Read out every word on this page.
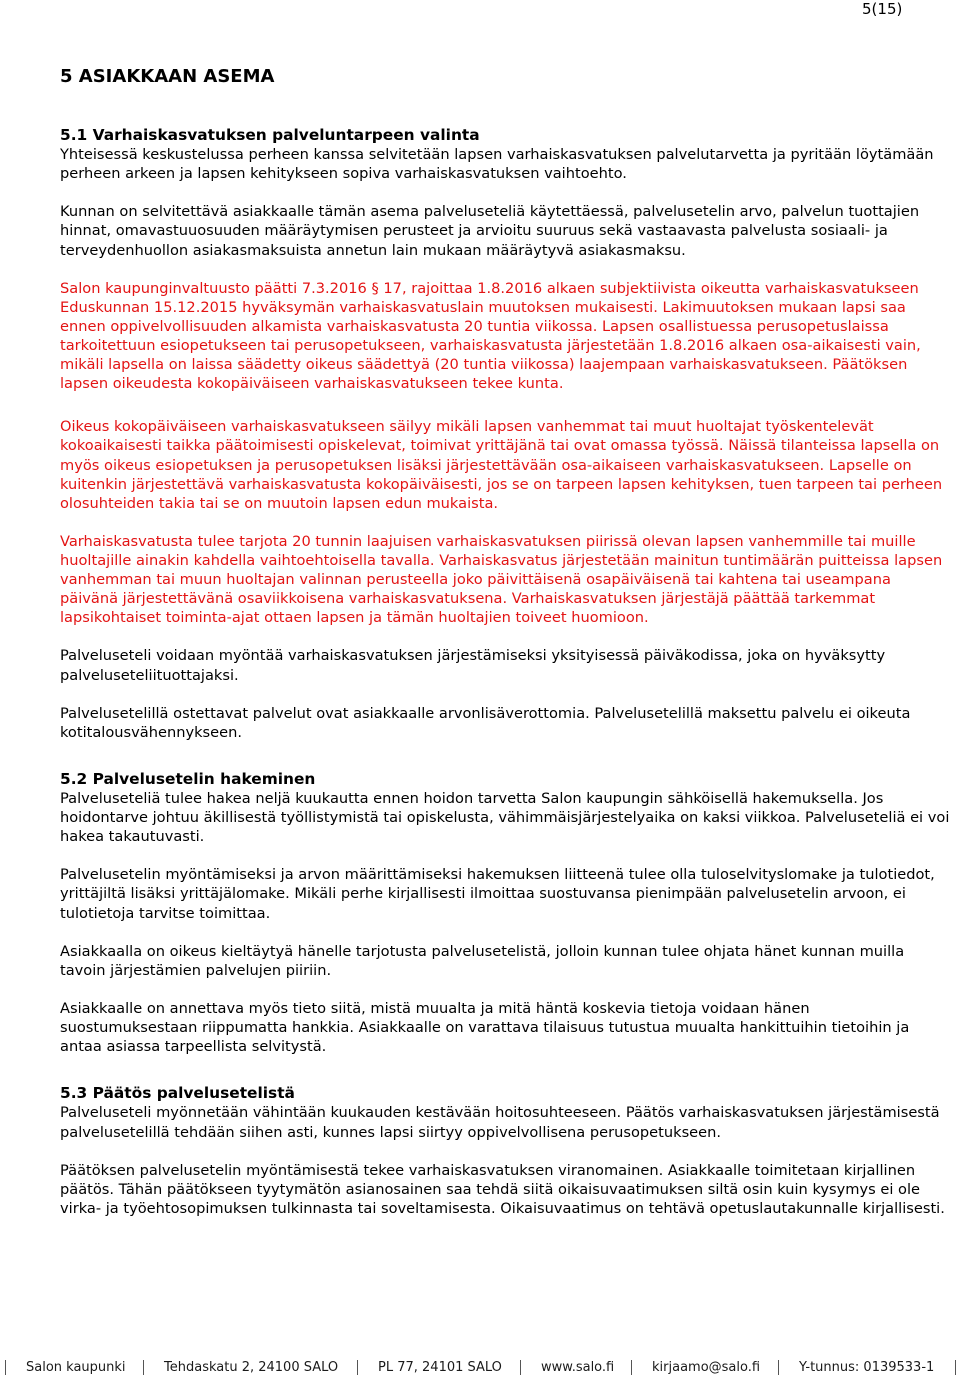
5(15)
5 ASIAKKAAN ASEMA

5.1 Varhaiskasvatuksen palveluntarpeen valinta

Yhteisessä keskustelussa perheen kanssa selvitetään lapsen varhaiskasvatuksen palvelutarvetta ja pyritään löytämään perheen arkeen ja lapsen kehitykseen sopiva varhaiskasvatuksen vaihtoehto.

Kunnan on selvitettävä asiakkaalle tämän asema palveluseteliä käytettäessä, palvelusetelin arvo, palvelun tuottajien hinnat, omavastuuosuuden määräytymisen perusteet ja arvioitu suuruus sekä vastaavasta palvelusta sosiaali- ja terveydenhuollon asiakasmaksuista annetun lain mukaan määräytyvä asiakasmaksu.

Salon kaupunginvaltuusto päätti 7.3.2016 § 17, rajoittaa 1.8.2016 alkaen subjektiivista oikeutta varhaiskasvatukseen Eduskunnan 15.12.2015 hyväksymän varhaiskasvatuslain muutoksen mukaisesti. Lakimuutoksen mukaan lapsi saa ennen oppivelvollisuuden alkamista varhaiskasvatusta 20 tuntia viikossa. Lapsen osallistuessa perusopetuslaissa tarkoitettuun esiopetukseen tai perusopetukseen, varhaiskasvatusta järjestetään 1.8.2016 alkaen osa-aikaisesti vain, mikäli lapsella on laissa säädetty oikeus säädettyä (20 tuntia viikossa) laajempaan varhaiskasvatukseen. Päätöksen lapsen oikeudesta kokopäiväiseen varhaiskasvatukseen tekee kunta.

Oikeus kokopäiväiseen varhaiskasvatukseen säilyy mikäli lapsen vanhemmat tai muut huoltajat työskentelevät kokoaikaisesti taikka päätoimisesti opiskelevat, toimivat yrittäjänä tai ovat omassa työssä. Näissä tilanteissa lapsella on myös oikeus esiopetuksen ja perusopetuksen lisäksi järjestettävään osa-aikaiseen varhaiskasvatukseen. Lapselle on kuitenkin järjestettävä varhaiskasvatusta kokopäiväisesti, jos se on tarpeen lapsen kehityksen, tuen tarpeen tai perheen olosuhteiden takia tai se on muutoin lapsen edun mukaista.

Varhaiskasvatusta tulee tarjota 20 tunnin laajuisen varhaiskasvatuksen piirissä olevan lapsen vanhemmille tai muille huoltajille ainakin kahdella vaihtoehtoisella tavalla. Varhaiskasvatus järjestetään mainitun tuntimäärän puitteissa lapsen vanhemman tai muun huoltajan valinnan perusteella joko päivittäisenä osapäiväisenä tai kahtena tai useampana päivänä järjestettävänä osaviikkoisena varhaiskasvatuksena. Varhaiskasvatuksen järjestäjä päättää tarkemmat lapsikohtaiset toiminta-ajat ottaen lapsen ja tämän huoltajien toiveet huomioon.

Palveluseteli voidaan myöntää varhaiskasvatuksen järjestämiseksi yksityisessä päiväkodissa, joka on hyväksytty palveluseteliituottajaksi.

Palvelusetelillä ostettavat palvelut ovat asiakkaalle arvonlisäverottomia. Palvelusetelillä maksettu palvelu ei oikeuta kotitalousvähennykseen.

5.2 Palvelusetelin hakeminen

Palveluseteliä tulee hakea neljä kuukautta ennen hoidon tarvetta Salon kaupungin sähköisellä hakemuksella. Jos hoidontarve johtuu äkillisestä työllistymistä tai opiskelusta, vähimmäisjärjestelyaika on kaksi viikkoa. Palveluseteliä ei voi hakea takautuvasti.

Palvelusetelin myöntämiseksi ja arvon määrittämiseksi hakemuksen liitteenä tulee olla tuloselvityslomake ja tulotiedot, yrittäjiltä lisäksi yrittäjälomake. Mikäli perhe kirjallisesti ilmoittaa suostuvansa pienimpään palvelusetelin arvoon, ei tulotietoja tarvitse toimittaa.

Asiakkaalla on oikeus kieltäytyä hänelle tarjotusta palvelusetelistä, jolloin kunnan tulee ohjata hänet kunnan muilla tavoin järjestämien palvelujen piiriin.

Asiakkaalle on annettava myös tieto siitä, mistä muualta ja mitä häntä koskevia tietoja voidaan hänen suostumuksestaan riippumatta hankkia. Asiakkaalle on varattava tilaisuus tutustua muualta hankittuihin tietoihin ja antaa asiassa tarpeellista selvitystä.

5.3 Päätös palvelusetelistä

Palveluseteli myönnetään vähintään kuukauden kestävään hoitosuhteeseen. Päätös varhaiskasvatuksen järjestämisestä palvelusetelillä tehdään siihen asti, kunnes lapsi siirtyy oppivelvollisena perusopetukseen.

Päätöksen palvelusetelin myöntämisestä tekee varhaiskasvatuksen viranomainen. Asiakkaalle toimitetaan kirjallinen päätös. Tähän päätökseen tyytymätön asianosainen saa tehdä siitä oikaisuvaatimuksen siltä osin kuin kysymys ei ole virka- ja työehtosopimuksen tulkinnasta tai soveltamisesta. Oikaisuvaatimus on tehtävä opetuslautakunnalle kirjallisesti.

Salon kaupunki	Tehdaskatu 2, 24100 SALO	PL 77, 24101 SALO	www.salo.fi	kirjaamo@salo.fi	Y-tunnus: 0139533-1
